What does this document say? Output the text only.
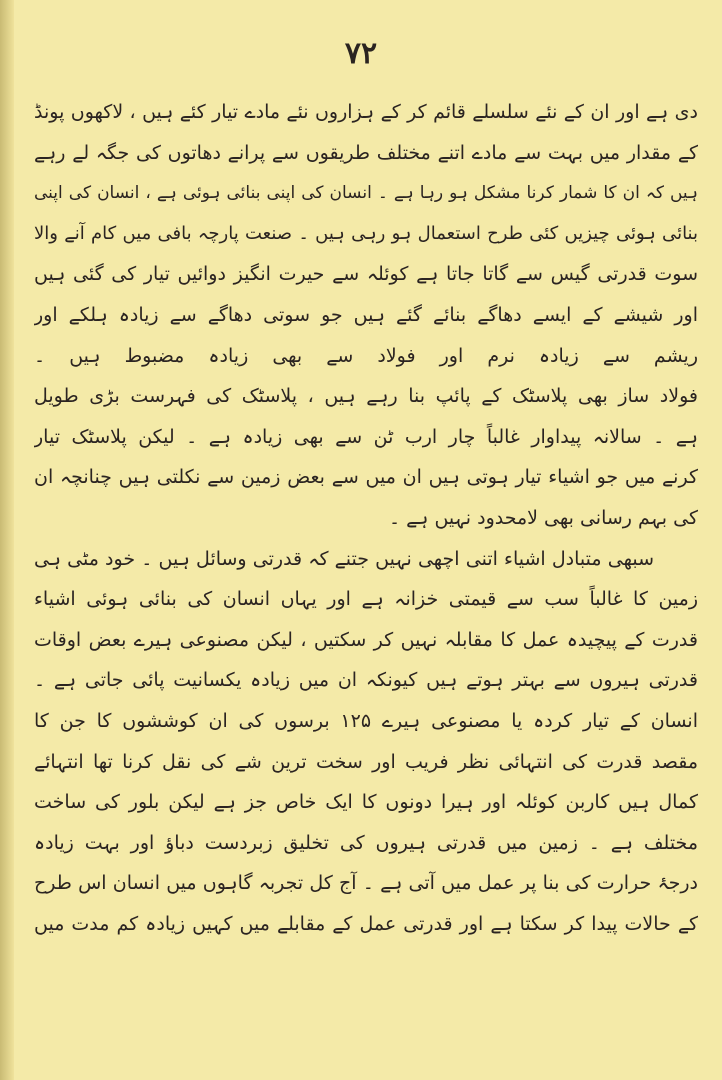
۷۲
دی ہے اور ان کے نئے سلسلے قائم کر کے ہزاروں نئے مادے تیار کئے ہیں ، لاکھوں پونڈ
کے مقدار میں بہت سے مادے اتنے مختلف طریقوں سے پرانے دھاتوں کی جگہ لے رہے
ہیں کہ ان کا شمار کرنا مشکل ہو رہا ہے ۔ انسان کی اپنی بنائی ہوئی ہے ، انسان کی اپنی
بنائی ہوئی چیزیں کئی طرح استعمال ہو رہی ہیں ۔ صنعت پارچہ بافی میں کام آنے والا
سوت قدرتی گیس سے گاتا جاتا ہے کوئلہ سے حیرت انگیز دوائیں تیار کی گئی ہیں
اور شیشے کے ایسے دھاگے بنائے گئے ہیں جو سوتی دھاگے سے زیادہ ہلکے اور
ریشم سے زیادہ نرم اور فولاد سے بھی زیادہ مضبوط ہیں ۔
فولاد ساز بھی پلاسٹک کے پائپ بنا رہے ہیں ، پلاسٹک کی فہرست بڑی طویل
ہے ۔ سالانہ پیداوار غالباً چار ارب ٹن سے بھی زیادہ ہے ۔ لیکن پلاسٹک تیار
کرنے میں جو اشیاء تیار ہوتی ہیں ان میں سے بعض زمین سے نکلتی ہیں چنانچہ ان
کی بہم رسانی بھی لامحدود نہیں ہے ۔
سبھی متبادل اشیاء اتنی اچھی نہیں جتنے کہ قدرتی وسائل ہیں ۔ خود مٹی ہی
زمین کا غالباً سب سے قیمتی خزانہ ہے اور یہاں انسان کی بنائی ہوئی اشیاء
قدرت کے پیچیدہ عمل کا مقابلہ نہیں کر سکتیں ، لیکن مصنوعی ہیرے بعض اوقات
قدرتی ہیروں سے بہتر ہوتے ہیں کیونکہ ان میں زیادہ یکسانیت پائی جاتی ہے ۔
انسان کے تیار کردہ یا مصنوعی ہیرے ۱۲۵ برسوں کی ان کوششوں کا جن کا
مقصد قدرت کی انتہائی نظر فریب اور سخت ترین شے کی نقل کرنا تھا انتہائے
کمال ہیں کاربن کوئلہ اور ہیرا دونوں کا ایک خاص جز ہے لیکن بلور کی ساخت
مختلف ہے ۔ زمین میں قدرتی ہیروں کی تخلیق زبردست دباؤ اور بہت زیادہ
درجۂ حرارت کی بنا پر عمل میں آتی ہے ۔ آج کل تجربہ گاہوں میں انسان اس طرح
کے حالات پیدا کر سکتا ہے اور قدرتی عمل کے مقابلے میں کہیں زیادہ کم مدت میں
